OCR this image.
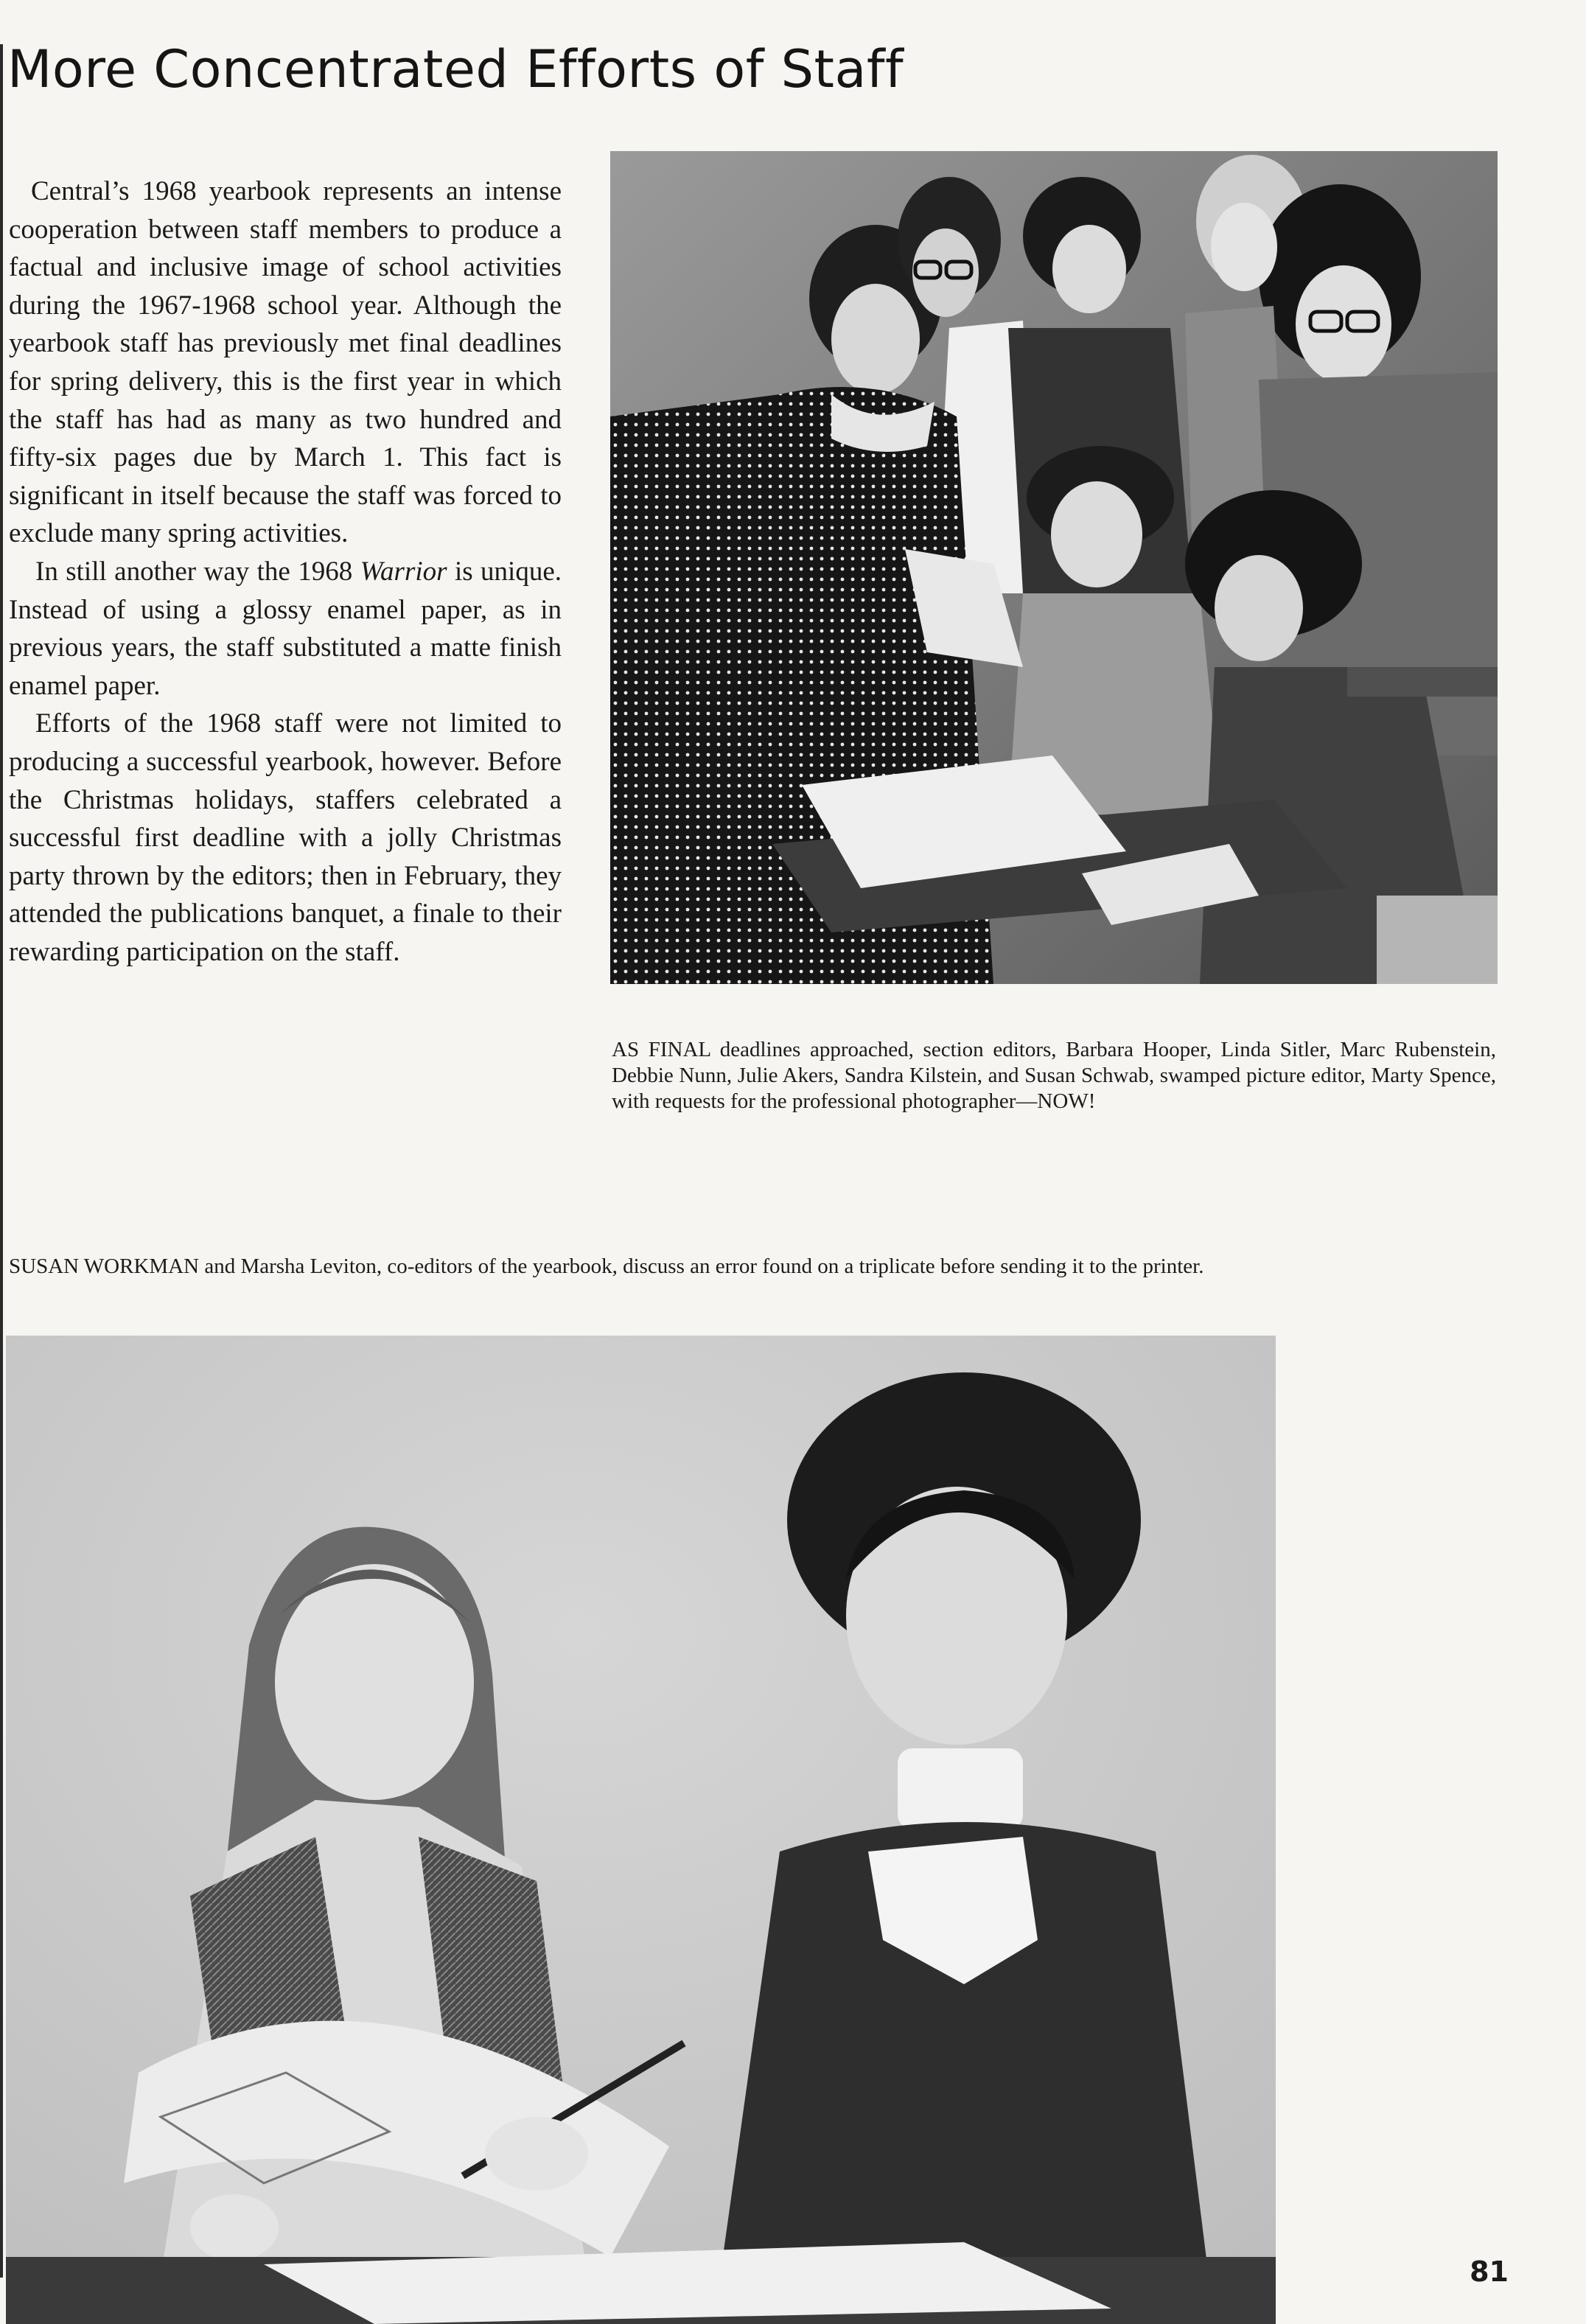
More Concentrated Efforts of Staff

Central’s 1968 yearbook represents an intense cooperation between staff members to produce a factual and inclusive image of school activities during the 1967-1968 school year. Although the yearbook staff has previously met final deadlines for spring delivery, this is the first year in which the staff has had as many as two hundred and fifty-six pages due by March 1. This fact is significant in itself because the staff was forced to exclude many spring activities.

In still another way the 1968 Warrior is unique. Instead of using a glossy enamel paper, as in previous years, the staff substituted a matte finish enamel paper.

Efforts of the 1968 staff were not limited to producing a successful yearbook, however. Before the Christmas holidays, staffers celebrated a successful first deadline with a jolly Christmas party thrown by the editors; then in February, they attended the publications banquet, a finale to their rewarding participation on the staff.

AS FINAL deadlines approached, section editors, Barbara Hooper, Linda Sitler, Marc Rubenstein, Debbie Nunn, Julie Akers, Sandra Kilstein, and Susan Schwab, swamped picture editor, Marty Spence, with requests for the professional photographer—NOW!

SUSAN WORKMAN and Marsha Leviton, co-editors of the yearbook, discuss an error found on a triplicate before sending it to the printer.

81
